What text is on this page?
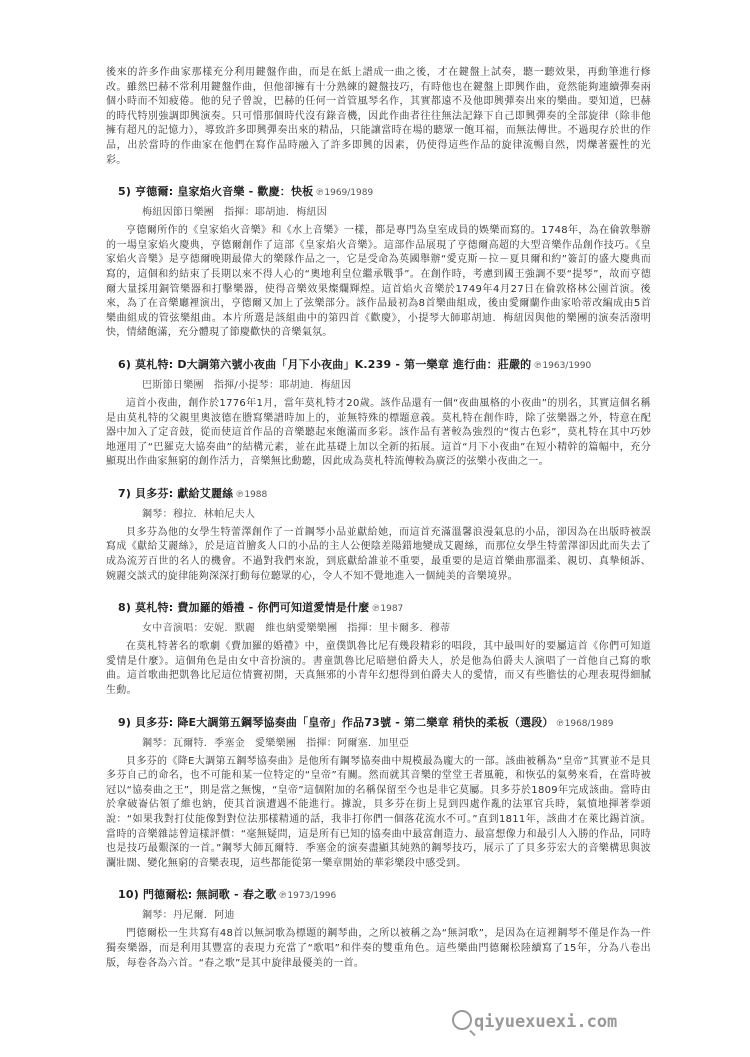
後來的許多作曲家那樣充分利用鍵盤作曲，而是在紙上譜成一曲之後，才在鍵盤上試奏，聽一聽效果，再動筆進行修改。雖然巴赫不常利用鍵盤作曲，但他卻擁有十分熟練的鍵盤技巧，有時他也在鍵盤上即興作曲，竟然能夠連續彈奏兩個小時而不知疲倦。他的兒子曾說，巴赫的任何一首管風琴名作，其實都遠不及他即興彈奏出來的樂曲。要知道，巴赫的時代特別強調即興演奏。只可惜那個時代沒有錄音機，因此作曲者往往無法記錄下自己即興彈奏的全部旋律（除非他擁有超凡的記憶力），導致許多即興彈奏出來的精品，只能讓當時在場的聽眾一飽耳福，而無法傳世。不過現存於世的作品，出於當時的作曲家在他們在寫作品時融入了許多即興的因素，仍使得這些作品的旋律流暢自然，閃爍著靈性的光彩。

5) 亨德爾: 皇家焰火音樂 - 歡慶：快板 ℗1969/1989
梅紐因節日樂團 指揮：耶胡迪．梅紐因

亨德爾所作的《皇家焰火音樂》和《水上音樂》一樣，都是專門為皇室成員的娛樂而寫的。1748年，為在倫敦舉辦的一場皇家焰火慶典，亨德爾創作了這部《皇家焰火音樂》。這部作品展現了亨德爾高超的大型音樂作品創作技巧。《皇家焰火音樂》是亨德爾晚期最偉大的樂隊作品之一，它是受命為英國舉辦“愛克斯－拉－夏貝爾和約”簽訂的盛大慶典而寫的，這個和約結束了長期以來不得人心的“奧地利皇位繼承戰爭”。在創作時，考慮到國王強調不要“提琴”，故而亨德爾大量採用銅管樂器和打擊樂器，使得音樂效果燦爛輝煌。這首焰火音樂於1749年4月27日在倫敦格林公園首演。後來，為了在音樂廳裡演出，亨德爾又加上了弦樂部分。該作品最初為8首樂曲組成，後由愛爾蘭作曲家哈蒂改編成由5首樂曲組成的管弦樂組曲。本片所選是該組曲中的第四首《歡慶》，小提琴大師耶胡迪．梅紐因與他的樂團的演奏活潑明快，情緒飽滿，充分體現了節慶歡快的音樂氣氛。

6) 莫札特: D大調第六號小夜曲「月下小夜曲」K.239 - 第一樂章 進行曲：莊嚴的 ℗1963/1990
巴斯節日樂團 指揮/小提琴：耶胡迪．梅紐因

這首小夜曲，創作於1776年1月，當年莫札特才20歲。該作品還有一個“夜曲風格的小夜曲”的別名，其實這個名稱是由莫札特的父親里奧波德在謄寫樂譜時加上的，並無特殊的標題意義。莫札特在創作時，除了弦樂器之外，特意在配器中加入了定音鼓，從而使這首作品的音樂聽起來飽滿而多彩。該作品有著較為強烈的“復古色彩”，莫札特在其中巧妙地運用了“巴羅克大協奏曲”的結構元素，並在此基礎上加以全新的拓展。這首“月下小夜曲”在短小精幹的篇幅中，充分顯現出作曲家無窮的創作活力，音樂無比動聽，因此成為莫札特流傳較為廣泛的弦樂小夜曲之一。

7) 貝多芬: 獻給艾麗絲 ℗1988
鋼琴：穆拉．林帕尼夫人

貝多芬為他的女學生特蕾澤創作了一首鋼琴小品並獻給她，而這首充滿溫馨浪漫氣息的小品，卻因為在出版時被誤寫成《獻給艾麗絲》，於是這首膾炙人口的小品的主人公便陰差陽錯地變成艾麗絲，而那位女學生特蕾澤卻因此而失去了成為流芳百世的名人的機會。不過對我們來說，到底獻給誰並不重要，最重要的是這首樂曲那溫柔、親切、真摯傾訴、婉麗交談式的旋律能夠深深打動每位聽眾的心，令人不知不覺地進入一個純美的音樂境界。

8) 莫札特: 費加羅的婚禮 - 你們可知道愛情是什麼 ℗1987
女中音演唱：安妮．默麗 維也納愛樂樂團 指揮：里卡爾多．穆蒂

在莫札特著名的歌劇《費加羅的婚禮》中，童僕凱魯比尼有幾段精彩的唱段，其中最叫好的要屬這首《你們可知道愛情是什麼》。這個角色是由女中音扮演的。書童凱魯比尼暗戀伯爵夫人，於是他為伯爵夫人演唱了一首他自己寫的歌曲。這首歌曲把凱魯比尼這位情竇初開，天真無邪的小青年幻想得到伯爵夫人的愛情，而又有些膽怯的心理表現得細膩生動。

9) 貝多芬: 降E大調第五鋼琴協奏曲「皇帝」作品73號 - 第二樂章 稍快的柔板（選段） ℗1968/1989
鋼琴：瓦爾特．季塞金 愛樂樂團 指揮：阿爾塞．加里亞

貝多芬的《降E大調第五鋼琴協奏曲》是他所有鋼琴協奏曲中規模最為龐大的一部。該曲被稱為“皇帝”其實並不是貝多芬自己的命名，也不可能和某一位特定的“皇帝”有關。然而就其音樂的堂堂王者風範，和恢弘的氣勢來看，在當時被冠以“協奏曲之王”，則是當之無愧，“皇帝”這個附加的名稱保留至今也是非它莫屬。貝多芬於1809年完成該曲。當時由於拿破崙佔領了維也納，使其首演遭遇不能進行。據說，貝多芬在街上見到四處作亂的法軍官兵時，氣憤地揮著拳頭說：“如果我對打仗能像對對位法那樣精通的話，我非打你們一個落花流水不可。”直到1811年，該曲才在萊比錫首演。當時的音樂雜誌曾這樣評價：“毫無疑問，這是所有已知的協奏曲中最富創造力、最富想像力和最引人入勝的作品，同時也是技巧最艱深的一首。”鋼琴大師瓦爾特．季塞金的演奏盡顯其純熟的鋼琴技巧，展示了了貝多芬宏大的音樂構思與波瀾壯闊、變化無窮的音樂表現，這些都能從第一樂章開始的華彩樂段中感受到。

10) 門德爾松: 無詞歌 - 春之歌 ℗1973/1996
鋼琴：丹尼爾．阿迪

門德爾松一生共寫有48首以無詞歌為標題的鋼琴曲，之所以被稱之為“無詞歌”，是因為在這裡鋼琴不僅是作為一件獨奏樂器，而是利用其豐富的表現力充當了“歌唱”和伴奏的雙重角色。這些樂曲門德爾松陸續寫了15年，分為八卷出版，每卷各為六首。“春之歌”是其中旋律最優美的一首。

qiyuexuexi.com
